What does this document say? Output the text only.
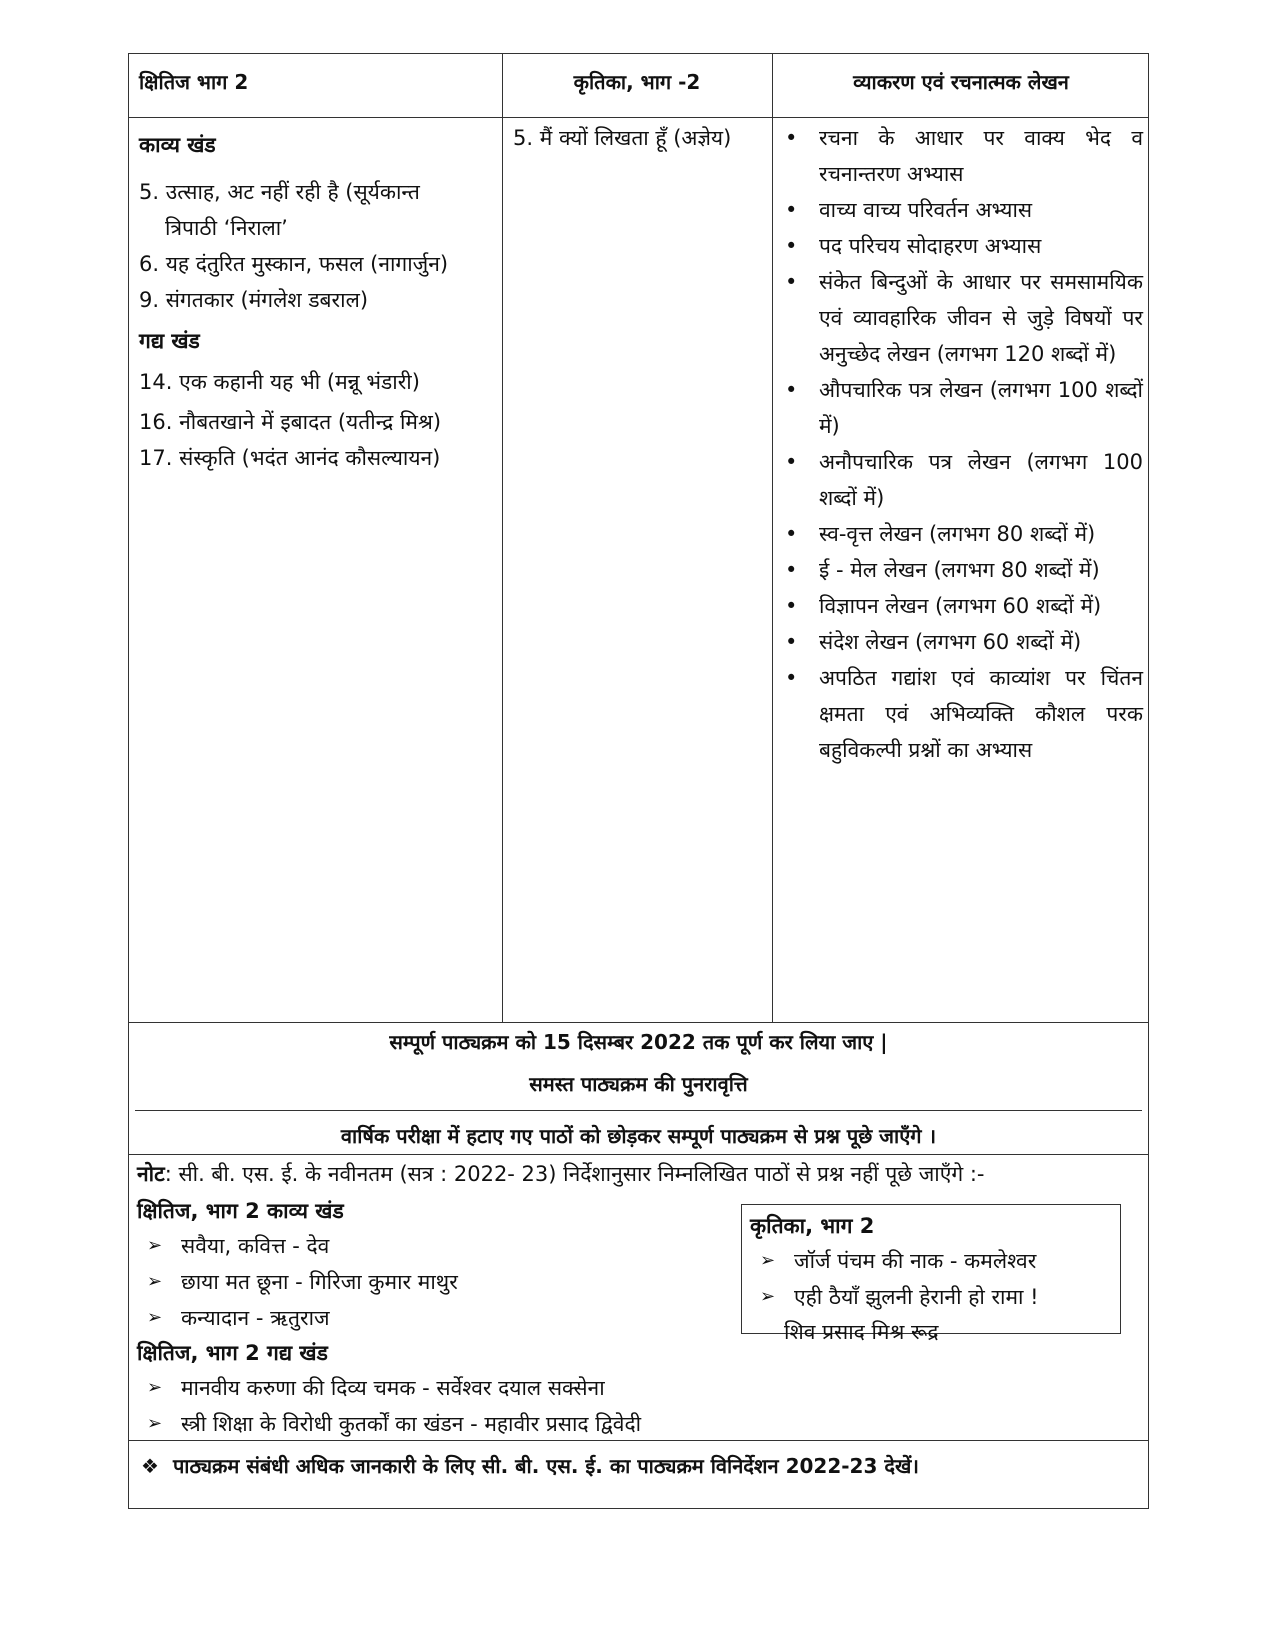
क्षितिज भाग 2	कृतिका, भाग -2	व्याकरण एवं रचनात्मक लेखन

काव्य खंड

5. उत्साह, अट नहीं रही है (सूर्यकान्त

त्रिपाठी ‘निराला’

6. यह दंतुरित मुस्कान, फसल (नागार्जुन)

9. संगतकार (मंगलेश डबराल)

गद्य खंड

14. एक कहानी यह भी (मन्नू भंडारी)

16. नौबतखाने में इबादत (यतीन्द्र मिश्र)

17. संस्कृति (भदंत आनंद कौसल्यायन)

5. मैं क्यों लिखता हूँ (अज्ञेय)

•	रचना के आधार पर वाक्य भेद व रचनान्तरण अभ्यास
• वाच्य वाच्य परिवर्तन अभ्यास
• पद परिचय सोदाहरण अभ्यास
• संकेत बिन्दुओं के आधार पर समसामयिक एवं व्यावहारिक जीवन से जुड़े विषयों पर अनुच्छेद लेखन (लगभग 120 शब्दों में)
• औपचारिक पत्र लेखन (लगभग 100 शब्दों में)
• अनौपचारिक पत्र लेखन (लगभग 100 शब्दों में)
• स्व-वृत्त लेखन (लगभग 80 शब्दों में)
• ई - मेल लेखन (लगभग 80 शब्दों में)
• विज्ञापन लेखन (लगभग 60 शब्दों में)
• संदेश लेखन (लगभग 60 शब्दों में)
• अपठित गद्यांश एवं काव्यांश पर चिंतन क्षमता एवं अभिव्यक्ति कौशल परक बहुविकल्पी प्रश्नों का अभ्यास
सम्पूर्ण पाठ्यक्रम को 15 दिसम्बर 2022 तक पूर्ण कर लिया जाए |
समस्त पाठ्यक्रम की पुनरावृत्ति
वार्षिक परीक्षा में हटाए गए पाठों को छोड़कर सम्पूर्ण पाठ्यक्रम से प्रश्न पूछे जाएँगे ।
नोट: सी. बी. एस. ई. के नवीनतम (सत्र : 2022- 23) निर्देशानुसार निम्नलिखित पाठों से प्रश्न नहीं पूछे जाएँगे :-

क्षितिज, भाग 2 काव्य खंड

➢ सवैया, कवित्त - देव
➢ छाया मत छूना - गिरिजा कुमार माथुर
➢ कन्यादान - ऋतुराज

क्षितिज, भाग 2 गद्य खंड

➢ मानवीय करुणा की दिव्य चमक - सर्वेश्वर दयाल सक्सेना
➢ स्त्री शिक्षा के विरोधी कुतर्कों का खंडन - महावीर प्रसाद द्विवेदी

कृतिका, भाग 2

➢ जॉर्ज पंचम की नाक - कमलेश्वर
➢ एही ठैयाँ झुलनी हेरानी हो रामा !

शिव प्रसाद मिश्र रूद्र

❖ पाठ्यक्रम संबंधी अधिक जानकारी के लिए सी. बी. एस. ई. का पाठ्यक्रम विनिर्देशन 2022-23 देखें।
